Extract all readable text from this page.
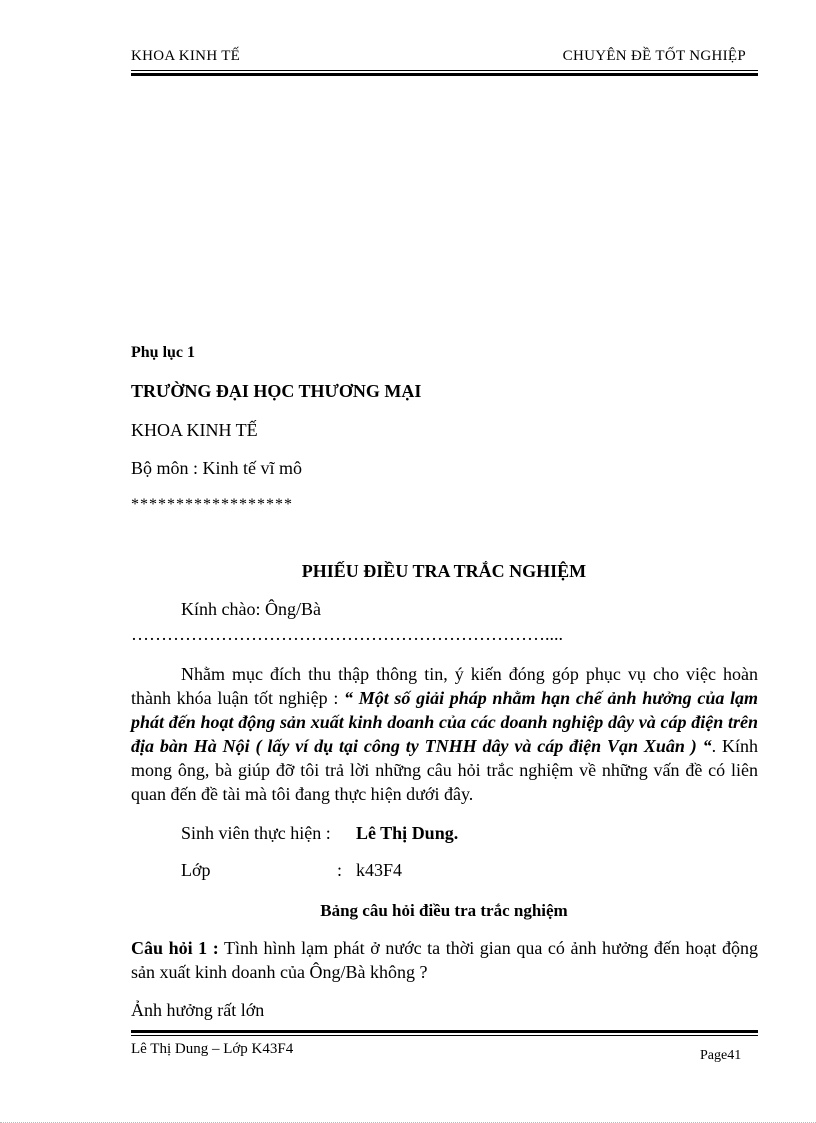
KHOA KINH TẾ	CHUYÊN ĐỀ TỐT NGHIỆP
Phụ lục 1
TRƯỜNG ĐẠI HỌC THƯƠNG MẠI
KHOA KINH TẾ
Bộ môn : Kinh tế vĩ mô
******************
PHIẾU ĐIỀU TRA TRẮC NGHIỆM
Kính chào: Ông/Bà
……………………………………………………………....
Nhằm mục đích thu thập thông tin, ý kiến đóng góp phục vụ cho việc hoàn thành khóa luận tốt nghiệp : “ Một số giải pháp nhằm hạn chế ảnh hưởng của lạm phát đến hoạt động sản xuất kinh doanh của các doanh nghiệp dây và cáp điện trên địa bàn Hà Nội ( lấy ví dụ tại công ty TNHH dây và cáp điện Vạn Xuân ) “. Kính mong ông, bà giúp đỡ tôi trả lời những câu hỏi trắc nghiệm về những vấn đề có liên quan đến đề tài mà tôi đang thực hiện dưới đây.
Sinh viên thực hiện : Lê Thị Dung.
Lớp	: k43F4
Bảng câu hỏi điều tra trắc nghiệm
Câu hỏi 1 : Tình hình lạm phát ở nước ta thời gian qua có ảnh hưởng đến hoạt động sản xuất kinh doanh của Ông/Bà không ?
Ảnh hưởng rất lớn
Lê Thị Dung – Lớp K43F4	Page41
